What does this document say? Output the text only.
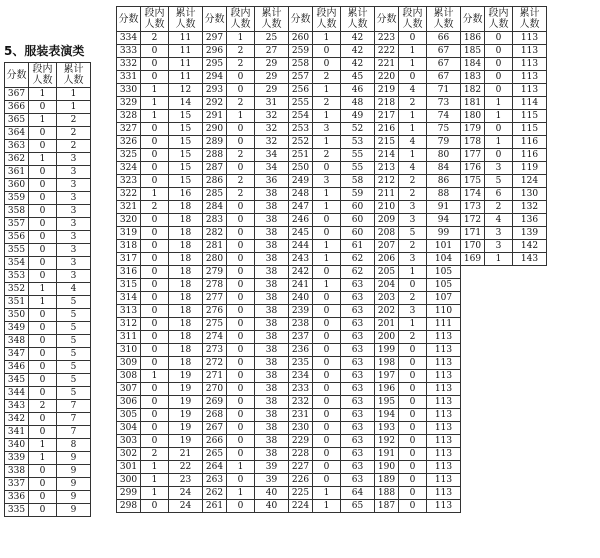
5、服装表演类
分数	段内
人数	累计
人数
367	1	1
366	0	1
365	1	2
364	0	2
363	0	2
362	1	3
361	0	3
360	0	3
359	0	3
358	0	3
357	0	3
356	0	3
355	0	3
354	0	3
353	0	3
352	1	4
351	1	5
350	0	5
349	0	5
348	0	5
347	0	5
346	0	5
345	0	5
344	0	5
343	2	7
342	0	7
341	0	7
340	1	8
339	1	9
338	0	9
337	0	9
336	0	9
335	0	9
分数	段内
人数	累计
人数	分数	段内
人数	累计
人数	分数	段内
人数	累计
人数	分数	段内
人数	累计
人数	分数	段内
人数	累计
人数
334	2	11	297	1	25	260	1	42	223	0	66	186	0	113
333	0	11	296	2	27	259	0	42	222	1	67	185	0	113
332	0	11	295	2	29	258	0	42	221	1	67	184	0	113
331	0	11	294	0	29	257	2	45	220	0	67	183	0	113
330	1	12	293	0	29	256	1	46	219	4	71	182	0	113
329	1	14	292	2	31	255	2	48	218	2	73	181	1	114
328	1	15	291	1	32	254	1	49	217	1	74	180	1	115
327	0	15	290	0	32	253	3	52	216	1	75	179	0	115
326	0	15	289	0	32	252	1	53	215	4	79	178	1	116
325	0	15	288	2	34	251	2	55	214	1	80	177	0	116
324	0	15	287	0	34	250	0	55	213	4	84	176	3	119
323	0	15	286	2	36	249	3	58	212	2	86	175	5	124
322	1	16	285	2	38	248	1	59	211	2	88	174	6	130
321	2	18	284	0	38	247	1	60	210	3	91	173	2	132
320	0	18	283	0	38	246	0	60	209	3	94	172	4	136
319	0	18	282	0	38	245	0	60	208	5	99	171	3	139
318	0	18	281	0	38	244	1	61	207	2	101	170	3	142
317	0	18	280	0	38	243	1	62	206	3	104	169	1	143
316	0	18	279	0	38	242	0	62	205	1	105			
315	0	18	278	0	38	241	1	63	204	0	105			
314	0	18	277	0	38	240	0	63	203	2	107			
313	0	18	276	0	38	239	0	63	202	3	110			
312	0	18	275	0	38	238	0	63	201	1	111			
311	0	18	274	0	38	237	0	63	200	2	113			
310	0	18	273	0	38	236	0	63	199	0	113			
309	0	18	272	0	38	235	0	63	198	0	113			
308	1	19	271	0	38	234	0	63	197	0	113			
307	0	19	270	0	38	233	0	63	196	0	113			
306	0	19	269	0	38	232	0	63	195	0	113			
305	0	19	268	0	38	231	0	63	194	0	113			
304	0	19	267	0	38	230	0	63	193	0	113			
303	0	19	266	0	38	229	0	63	192	0	113			
302	2	21	265	0	38	228	0	63	191	0	113			
301	1	22	264	1	39	227	0	63	190	0	113			
300	1	23	263	0	39	226	0	63	189	0	113			
299	1	24	262	1	40	225	1	64	188	0	113			
298	0	24	261	0	40	224	1	65	187	0	113			
